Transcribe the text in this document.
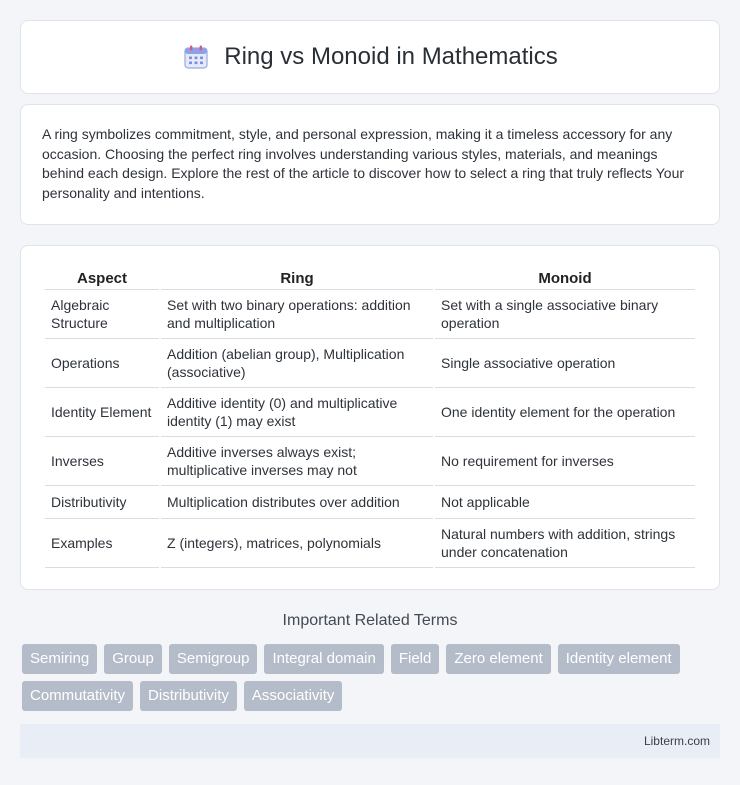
Ring vs Monoid in Mathematics

A ring symbolizes commitment, style, and personal expression, making it a timeless accessory for any occasion. Choosing the perfect ring involves understanding various styles, materials, and meanings behind each design. Explore the rest of the article to discover how to select a ring that truly reflects Your personality and intentions.

Aspect	Ring	Monoid
Algebraic Structure	Set with two binary operations: addition and multiplication	Set with a single associative binary operation
Operations	Addition (abelian group), Multiplication (associative)	Single associative operation
Identity Element	Additive identity (0) and multiplicative identity (1) may exist	One identity element for the operation
Inverses	Additive inverses always exist; multiplicative inverses may not	No requirement for inverses
Distributivity	Multiplication distributes over addition	Not applicable
Examples	Z (integers), matrices, polynomials	Natural numbers with addition, strings under concatenation
Important Related Terms
Semiring	Group	Semigroup	Integral domain	Field	Zero element	Identity element
Commutativity	Distributivity	Associativity
Libterm.com
